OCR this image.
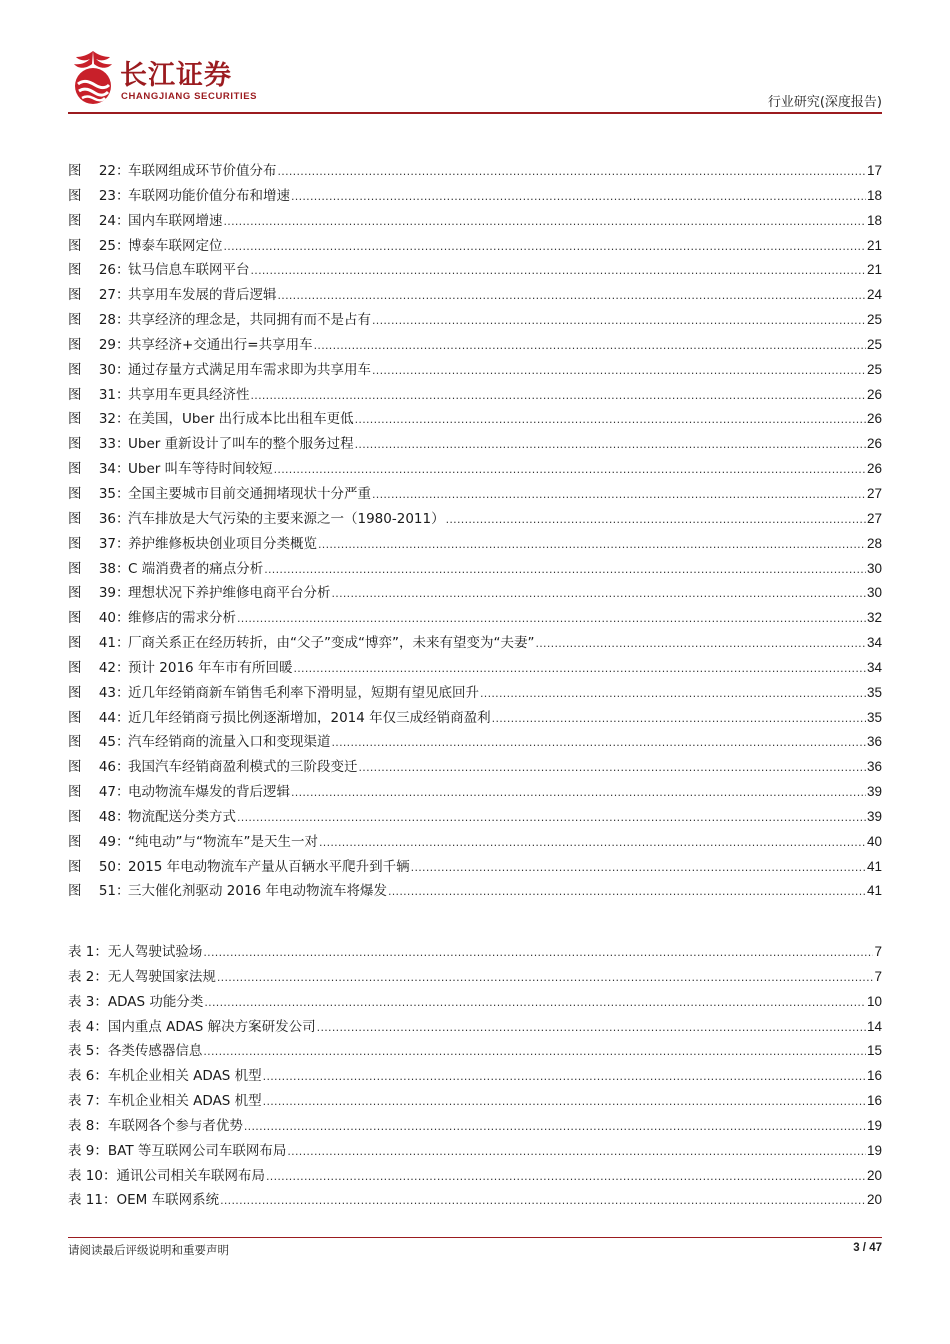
长江证券
CHANGJIANG SECURITIES	行业研究(深度报告)
图 22：
车联网组成环节价值分布 .....	17
图 23：
车联网功能价值分布和增速 .....	18
图 24：
国内车联网增速 .....	18
图 25：
博泰车联网定位 .....	21
图 26：
钛马信息车联网平台 .....	21
图 27：
共享用车发展的背后逻辑 .....	24
图 28：
共享经济的理念是，共同拥有而不是占有 .....	25
图 29：
共享经济+交通出行=共享用车 .....	25
图 30：
通过存量方式满足用车需求即为共享用车 .....	25
图 31：
共享用车更具经济性 .....	26
图 32：
在美国，Uber 出行成本比出租车更低 .....	26
图 33：
Uber 重新设计了叫车的整个服务过程 .....	26
图 34：
Uber 叫车等待时间较短 .....	26
图 35：
全国主要城市目前交通拥堵现状十分严重 .....	27
图 36：
汽车排放是大气污染的主要来源之一（1980-2011） .....	27
图 37：
养护维修板块创业项目分类概览 .....	28
图 38：
C 端消费者的痛点分析 .....	30
图 39：
理想状况下养护维修电商平台分析 .....	30
图 40：
维修店的需求分析 .....	32
图 41：
厂商关系正在经历转折，由“父子”变成“博弈”，未来有望变为“夫妻” .....	34
图 42：
预计 2016 年车市有所回暖 .....	34
图 43：
近几年经销商新车销售毛利率下滑明显，短期有望见底回升 .....	35
图 44：
近几年经销商亏损比例逐渐增加，2014 年仅三成经销商盈利 .....	35
图 45：
汽车经销商的流量入口和变现渠道 .....	36
图 46：
我国汽车经销商盈利模式的三阶段变迁 .....	36
图 47：
电动物流车爆发的背后逻辑 .....	39
图 48：
物流配送分类方式 .....	39
图 49：
“纯电动”与“物流车”是天生一对 .....	40
图 50：
2015 年电动物流车产量从百辆水平爬升到千辆 .....	41
图 51：
三大催化剂驱动 2016 年电动物流车将爆发 .....	41
表 1： 无人驾驶试验场 .....	7
表 2： 无人驾驶国家法规 .....	7
表 3： ADAS 功能分类 .....	10
表 4： 国内重点 ADAS 解决方案研发公司 .....	14
表 5： 各类传感器信息 .....	15
表 6： 车机企业相关 ADAS 机型 .....	16
表 7： 车机企业相关 ADAS 机型 .....	16
表 8： 车联网各个参与者优势 .....	19
表 9： BAT 等互联网公司车联网布局 .....	19
表 10： 通讯公司相关车联网布局 .....	20
表 11： OEM 车联网系统 .....	20
请阅读最后评级说明和重要声明	3 / 47
